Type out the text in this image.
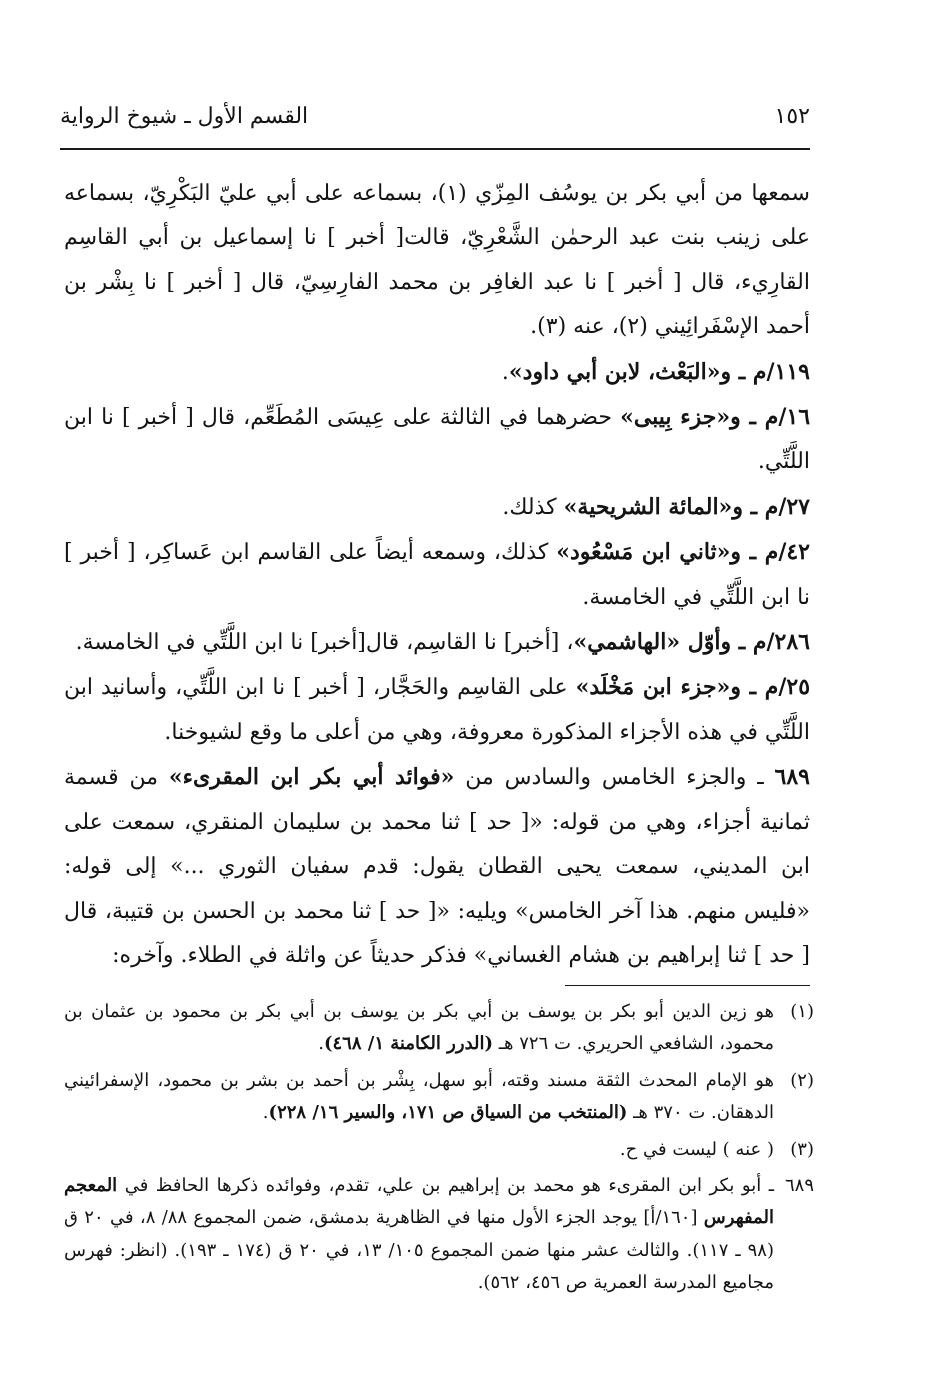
١٥٢
القسم الأول ـ شيوخ الرواية

سمعها من أبي بكر بن يوسُف المِزّي (١)، بسماعه على أبي عليّ البَكْرِيّ، بسماعه على زينب بنت عبد الرحمٰن الشَّعْرِيّ، قالت[ أخبر ] نا إسماعيل بن أبي القاسِم القارِيء، قال [ أخبر ] نا عبد الغافِر بن محمد الفارِسِيّ، قال [ أخبر ] نا بِشْر بن أحمد الإسْفَرائِيني (٢)، عنه (٣).

١١٩/م ـ و«البَعْث، لابن أبي داود».

١٦/م ـ و«جزء بِيبى» حضرهما في الثالثة على عِيسَى المُطَعِّم، قال [ أخبر ] نا ابن اللَّتِّي.

٢٧/م ـ و«المائة الشريحية» كذلك.

٤٢/م ـ و«ثاني ابن مَسْعُود» كذلك، وسمعه أيضاً على القاسم ابن عَساكِر، [ أخبر ] نا ابن اللَّتِّي في الخامسة.

٢٨٦/م ـ وأوّل «الهاشمي»، [أخبر] نا القاسِم، قال[أخبر] نا ابن اللَّتِّي في الخامسة.

٢٥/م ـ و«جزء ابن مَخْلَد» على القاسِم والحَجَّار، [ أخبر ] نا ابن اللَّتِّي، وأسانيد ابن اللَّتِّي في هذه الأجزاء المذكورة معروفة، وهي من أعلى ما وقع لشيوخنا.

٦٨٩ ـ والجزء الخامس والسادس من «فوائد أبي بكر ابن المقرىء» من قسمة ثمانية أجزاء، وهي من قوله: «[ حد ] ثنا محمد بن سليمان المنقري، سمعت على ابن المديني، سمعت يحيى القطان يقول: قدم سفيان الثوري ...» إلى قوله: «فليس منهم. هذا آخر الخامس» ويليه: «[ حد ] ثنا محمد بن الحسن بن قتيبة، قال [ حد ] ثنا إبراهيم بن هشام الغساني» فذكر حديثاً عن واثلة في الطلاء. وآخره:

(١)
هو زين الدين أبو بكر بن يوسف بن أبي بكر بن يوسف بن أبي بكر بن محمود بن عثمان بن محمود، الشافعي الحريري. ت ٧٢٦ هـ (الدرر الكامنة ١/ ٤٦٨).
(٢)
هو الإمام المحدث الثقة مسند وقته، أبو سهل، بِشْر بن أحمد بن بشر بن محمود، الإسفرائيني الدهقان. ت ٣٧٠ هـ (المنتخب من السياق ص ١٧١، والسير ١٦/ ٢٢٨).
(٣)
( عنه ) ليست في ح.
٦٨٩
ـ أبو بكر ابن المقرىء هو محمد بن إبراهيم بن علي، تقدم، وفوائده ذكرها الحافظ في المعجم المفهرس [١٦٠/أ] يوجد الجزء الأول منها في الظاهرية بدمشق، ضمن المجموع ٨٨/ ٨، في ٢٠ ق (٩٨ ـ ١١٧). والثالث عشر منها ضمن المجموع ١٠٥/ ١٣، في ٢٠ ق (١٧٤ ـ ١٩٣). (انظر: فهرس مجاميع المدرسة العمرية ص ٤٥٦، ٥٦٢).
